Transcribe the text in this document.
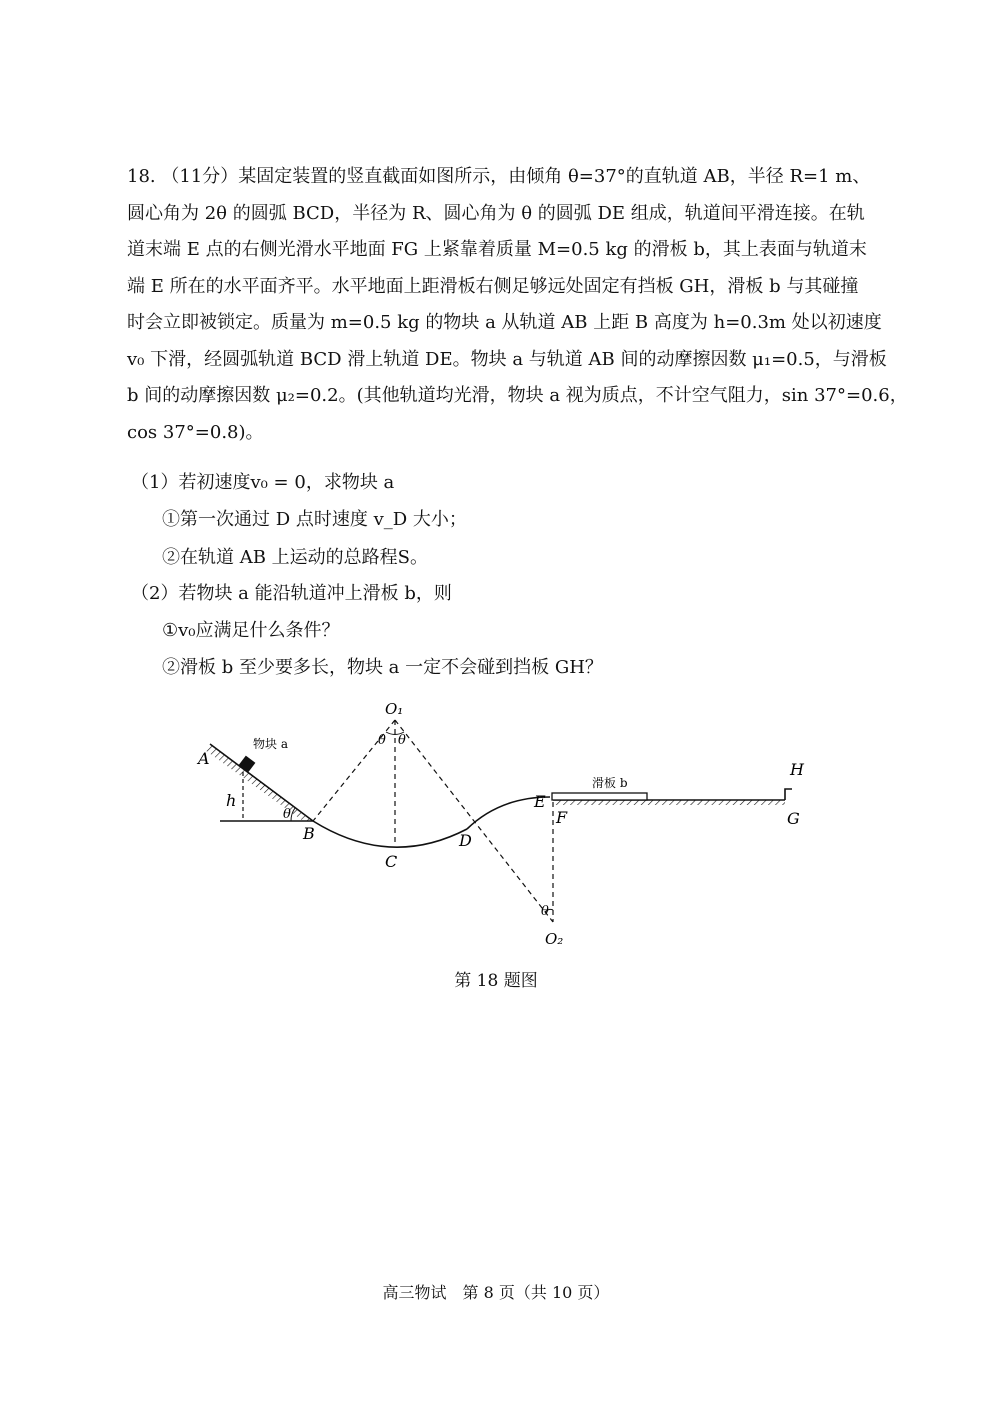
18. （11分）某固定装置的竖直截面如图所示，由倾角 θ=37°的直轨道 AB，半径 R=1 m、
圆心角为 2θ 的圆弧 BCD，半径为 R、圆心角为 θ 的圆弧 DE 组成，轨道间平滑连接。在轨
道末端 E 点的右侧光滑水平地面 FG 上紧靠着质量 M=0.5 kg 的滑板 b，其上表面与轨道末
端 E 所在的水平面齐平。水平地面上距滑板右侧足够远处固定有挡板 GH，滑板 b 与其碰撞
时会立即被锁定。质量为 m=0.5 kg 的物块 a 从轨道 AB 上距 B 高度为 h=0.3m 处以初速度
v₀ 下滑，经圆弧轨道 BCD 滑上轨道 DE。物块 a 与轨道 AB 间的动摩擦因数 μ₁=0.5，与滑板
b 间的动摩擦因数 μ₂=0.2。(其他轨道均光滑，物块 a 视为质点，不计空气阻力，sin 37°=0.6，
cos 37°=0.8)。
（1）若初速度v₀ = 0，求物块 a
①第一次通过 D 点时速度 v_D 大小；
②在轨道 AB 上运动的总路程S。
（2）若物块 a 能沿轨道冲上滑板 b，则
①v₀应满足什么条件？
②滑板 b 至少要多长，物块 a 一定不会碰到挡板 GH？
A
物块 a
h
θ
B
C
D
O₁
θ θ
E
F
滑板 b
H
G
θ
O₂
第 18 题图
高三物试　第 8 页（共 10 页）
